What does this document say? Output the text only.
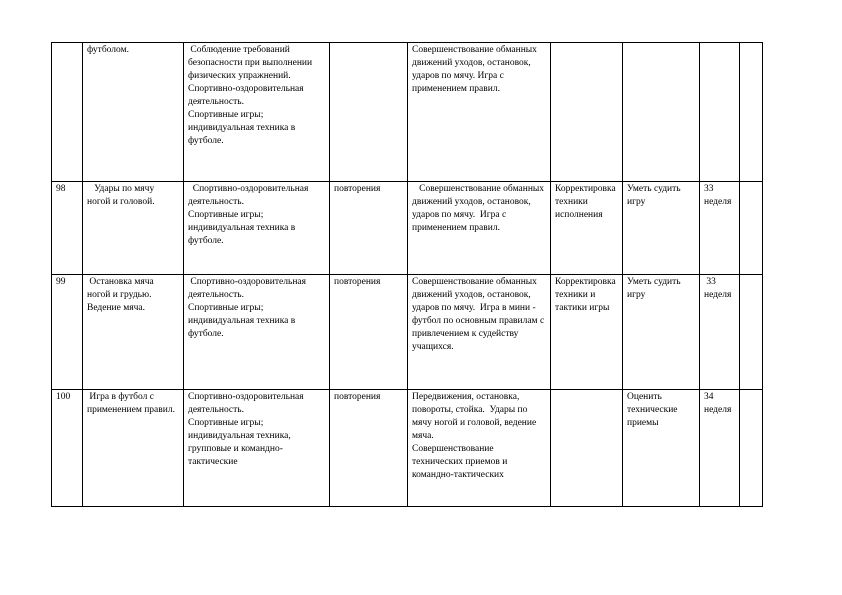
	футболом.	Соблюдение требований безопасности при выполнении физических упражнений. Спортивно-оздоровительная деятельность.
Спортивные игры; индивидуальная техника в футболе.		Совершенствование обманных движений уходов, остановок, ударов по мячу. Игра с применением правил.				

98	Удары по мячу ногой и головой.	Спортивно-оздоровительная деятельность.
Спортивные игры; индивидуальная техника в футболе.	повторения	Совершенствование обманных движений уходов, остановок, ударов по мячу.  Игра с применением правил.	Корректировка техники исполнения	Уметь судить игру	33 неделя	

99	Остановка мяча ногой и грудью. Ведение мяча.	Спортивно-оздоровительная деятельность.
Спортивные игры; индивидуальная техника в футболе.	повторения	Совершенствование обманных движений уходов, остановок, ударов по мячу.  Игра в мини - футбол по основным правилам с привлечением к судейству учащихся.	Корректировка техники и тактики игры	Уметь судить игру	33 неделя	

100	Игра в футбол с применением правил.	Спортивно-оздоровительная деятельность.
Спортивные игры; индивидуальная техника, групповые и командно- тактические	повторения	Передвижения, остановка, повороты, стойка.  Удары по мячу ногой и головой, ведение мяча.
Совершенствование технических приемов и командно-тактических		Оценить технические приемы	34 неделя	
